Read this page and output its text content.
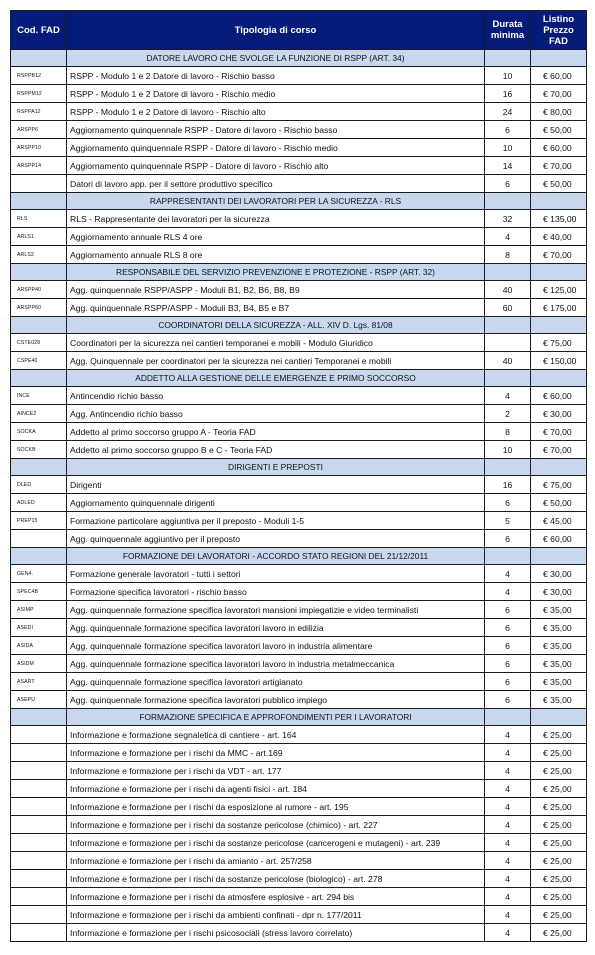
Cod. FAD	Tipologia di corso	Durata minima	Listino Prezzo FAD
	DATORE LAVORO CHE SVOLGE LA FUNZIONE DI RSPP (ART. 34)		
RSPPB12	RSPP - Modulo 1 e 2 Datore di lavoro - Rischio basso	10	€ 60,00
RSPPM12	RSPP - Modulo 1 e 2 Datore di lavoro - Rischio medio	16	€ 70,00
RSPPA12	RSPP - Modulo 1 e 2 Datore di lavoro - Rischio alto	24	€ 80,00
ARSPP6	Aggiornamento quinquennale RSPP - Datore di lavoro - Rischio basso	6	€ 50,00
ARSPP10	Aggiornamento quinquennale RSPP - Datore di lavoro - Rischio medio	10	€ 60,00
ARSPP14	Aggiornamento quinquennale RSPP - Datore di lavoro - Rischio alto	14	€ 70,00
	Datori di lavoro app. per il settore produttivo specifico	6	€ 50,00
	RAPPRESENTANTI DEI LAVORATORI PER LA SICUREZZA - RLS		
RLS	RLS - Rappresentante dei lavoratori per la sicurezza	32	€ 135,00
ARLS1	Aggiornamento annuale RLS 4 ore	4	€ 40,00
ARLS2	Aggiornamento annuale RLS 8 ore	8	€ 70,00
	RESPONSABILE DEL SERVIZIO PREVENZIONE E PROTEZIONE - RSPP (ART. 32)		
ARSPP40	Agg. quinquennale RSPP/ASPP - Moduli B1, B2, B6, B8, B9	40	€ 125,00
ARSPP60	Agg. quinquennale RSPP/ASPP - Moduli B3, B4, B5 e B7	60	€ 175,00
	COORDINATORI DELLA SICUREZZA - ALL. XIV D. Lgs. 81/08		
CSTE028	Coordinatori per la sicurezza nei cantieri temporanei e mobili - Modulo Giuridico		€ 75,00
CSPE40	Agg. Quinquennale per coordinatori per la sicurezza nei cantieri Temporanei e mobili	40	€ 150,00
	ADDETTO ALLA GESTIONE DELLE EMERGENZE E PRIMO SOCCORSO		
INCE	Antincendio richio basso	4	€ 60,00
AINCE2	Agg. Antincendio richio basso	2	€ 30,00
SOCKA	Addetto al primo soccorso gruppo A - Teoria FAD	8	€ 70,00
SOCKB	Addetto al primo soccorso gruppo B e C - Teoria FAD	10	€ 70,00
	DIRIGENTI E PREPOSTI		
DLED	Dirigenti	16	€ 75,00
ADLED	Aggiornamento quinquennale dirigenti	6	€ 50,00
PREP15	Formazione particolare aggiuntiva per il preposto - Moduli 1-5	5	€ 45,00
	Agg. quinquennale aggiuntivo per il preposto	6	€ 60,00
	FORMAZIONE DEI LAVORATORI - ACCORDO STATO REGIONI DEL 21/12/2011		
GEN4.	Formazione generale lavoratori - tutti i settori	4	€ 30,00
SPEC4B	Formazione specifica lavoratori - rischio basso	4	€ 30,00
ASIMP	Agg. quinquennale formazione specifica lavoratori mansioni impiegatizie e video terminalisti	6	€ 35,00
ASEDI	Agg. quinquennale formazione specifica lavoratori lavoro in edilizia	6	€ 35,00
ASIDA	Agg. quinquennale formazione specifica lavoratori lavoro in industria alimentare	6	€ 35,00
ASIDM	Agg. quinquennale formazione specifica lavoratori lavoro in industria metalmeccanica	6	€ 35,00
ASART	Agg. quinquennale formazione specifica lavoratori artigianato	6	€ 35,00
ASEPU	Agg. quinquennale formazione specifica lavoratori pubblico impiego	6	€ 35,00
	FORMAZIONE SPECIFICA E APPROFONDIMENTI PER I LAVORATORI		
	Informazione e formazione segnaletica di cantiere - art. 164	4	€ 25,00
	Informazione e formazione per i rischi da MMC - art.169	4	€ 25,00
	Informazione e formazione per i rischi da VDT - art. 177	4	€ 25,00
	Informazione e formazione per i rischi da agenti fisici - art. 184	4	€ 25,00
	Informazione e formazione per i rischi da esposizione al rumore - art. 195	4	€ 25,00
	Informazione e formazione per i rischi da sostanze pericolose (chimico) - art. 227	4	€ 25,00
	Informazione e formazione per i rischi da sostanze pericolose (cancerogeni e mutageni) - art. 239	4	€ 25,00
	Informazione e formazione per i rischi da amianto - art. 257/258	4	€ 25,00
	Informazione e formazione per i rischi da sostanze pericolose (biologico) - art. 278	4	€ 25,00
	Informazione e formazione per i rischi da atmosfere esplosive - art. 294 bis	4	€ 25,00
	Informazione e formazione per i rischi da ambienti confinati - dpr n. 177/2011	4	€ 25,00
	Informazione e formazione per i rischi psicosociali (stress lavoro correlato)	4	€ 25,00
